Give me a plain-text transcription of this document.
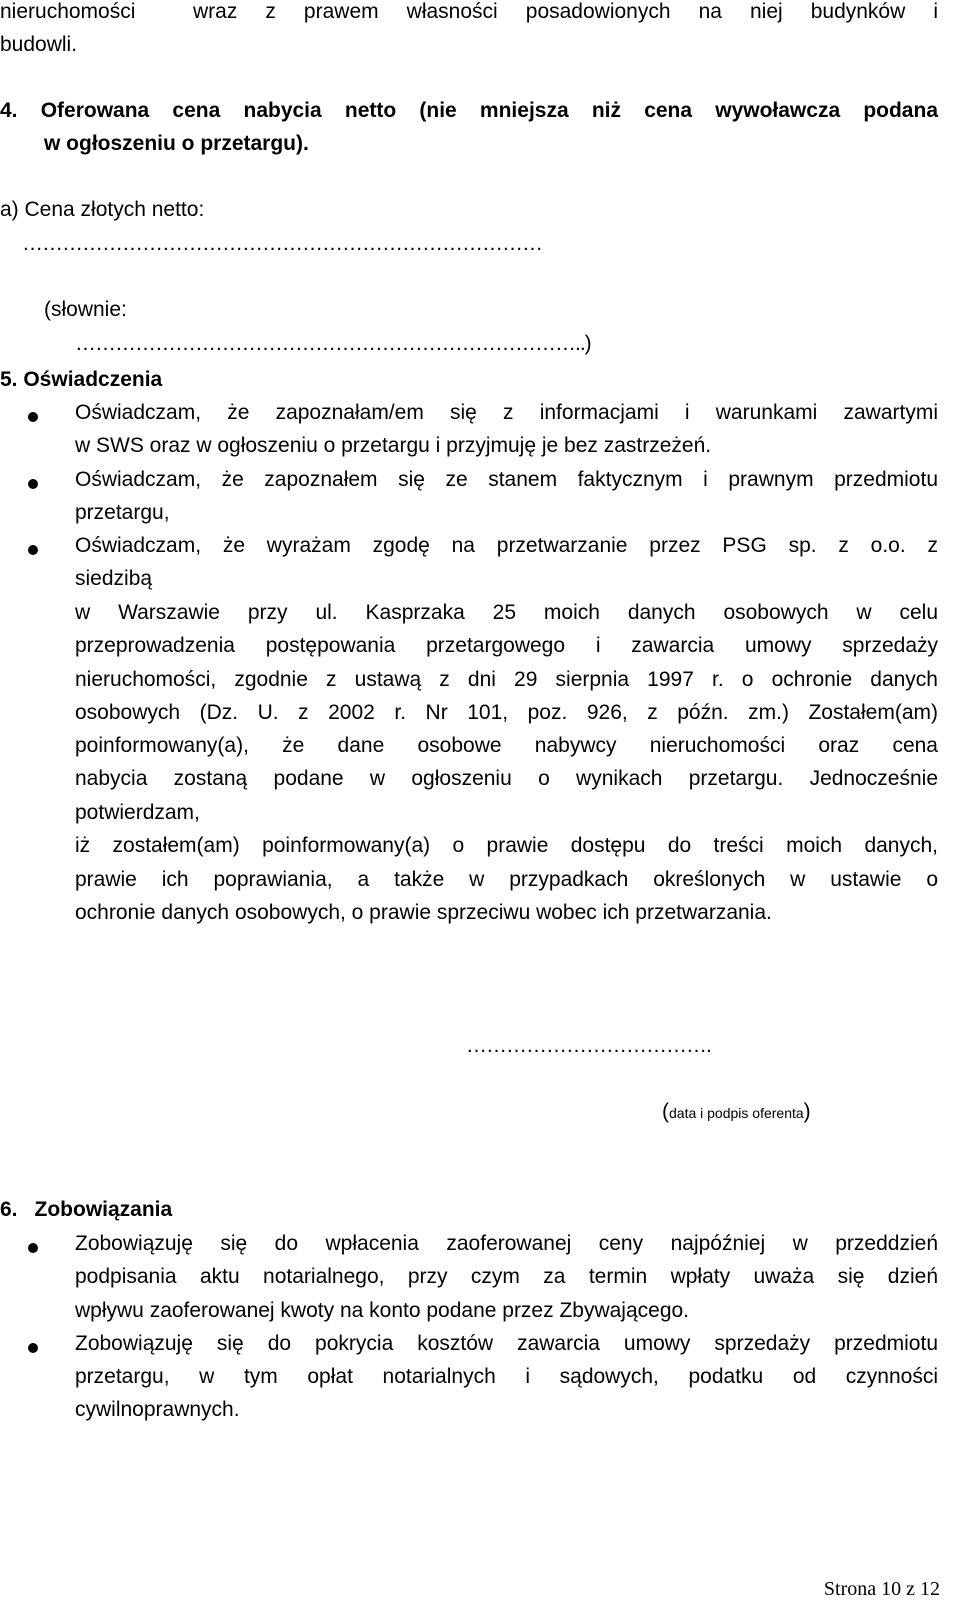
nieruchomości	wraz z prawem własności posadowionych na niej budynków i
budowli.
4. Oferowana cena nabycia netto (nie mniejsza niż cena wywoławcza podana
w ogłoszeniu o przetargu).
a) Cena złotych netto:
……………………………………………………………………
(słownie:
…………………………………………………………………..)
5. Oświadczenia
Oświadczam, że zapoznałam/em się z informacjami i warunkami zawartymi
w SWS oraz w ogłoszeniu o przetargu i przyjmuję je bez zastrzeżeń.
Oświadczam, że zapoznałem się ze stanem faktycznym i prawnym przedmiotu
przetargu,
Oświadczam, że wyrażam zgodę na przetwarzanie przez PSG sp. z o.o. z
siedzibą
w Warszawie przy ul. Kasprzaka 25 moich danych osobowych w celu
przeprowadzenia postępowania przetargowego i zawarcia umowy sprzedaży
nieruchomości, zgodnie z ustawą z dni 29 sierpnia 1997 r. o ochronie danych
osobowych (Dz. U. z 2002 r. Nr 101, poz. 926, z późn. zm.) Zostałem(am)
poinformowany(a), że dane osobowe nabywcy nieruchomości oraz cena
nabycia zostaną podane w ogłoszeniu o wynikach przetargu. Jednocześnie
potwierdzam,
iż zostałem(am) poinformowany(a) o prawie dostępu do treści moich danych,
prawie ich poprawiania, a także w przypadkach określonych w ustawie o
ochronie danych osobowych, o prawie sprzeciwu wobec ich przetwarzania.
……………………………….
(data i podpis oferenta)
6. Zobowiązania
Zobowiązuję się do wpłacenia zaoferowanej ceny najpóźniej w przeddzień
podpisania aktu notarialnego, przy czym za termin wpłaty uważa się dzień
wpływu zaoferowanej kwoty na konto podane przez Zbywającego.
Zobowiązuję się do pokrycia kosztów zawarcia umowy sprzedaży przedmiotu
przetargu, w tym opłat notarialnych i sądowych, podatku od czynności
cywilnoprawnych.
Strona 10 z 12
